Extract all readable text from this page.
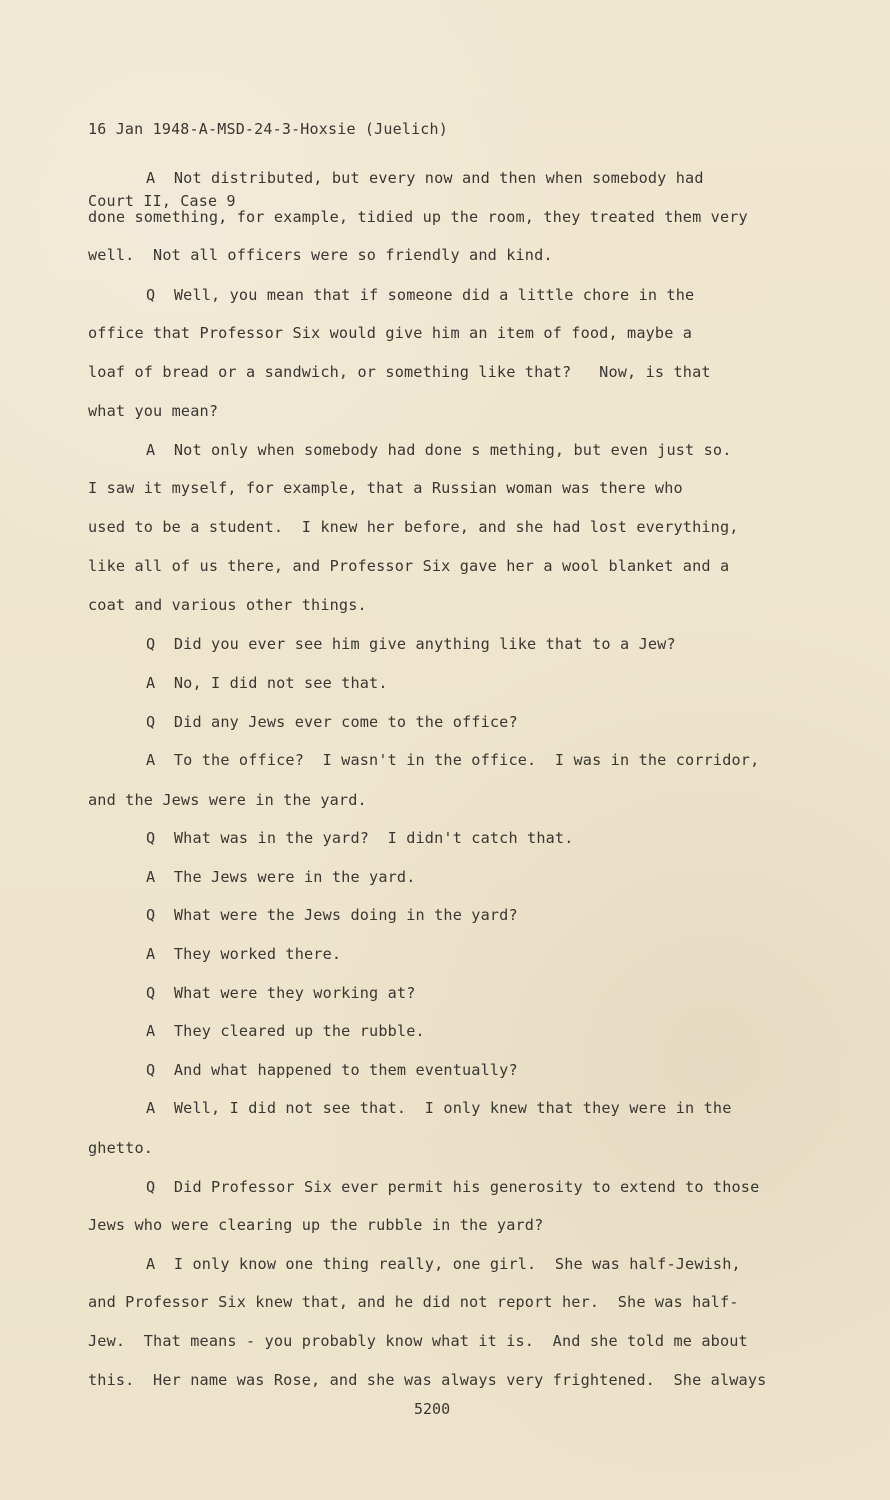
16 Jan 1948-A-MSD-24-3-Hoxsie (Juelich)

Court II, Case 9

A  Not distributed, but every now and then when somebody had
done something, for example, tidied up the room, they treated them very
well.  Not all officers were so friendly and kind.
Q  Well, you mean that if someone did a little chore in the
office that Professor Six would give him an item of food, maybe a
loaf of bread or a sandwich, or something like that?   Now, is that
what you mean?
A  Not only when somebody had done s mething, but even just so.
I saw it myself, for example, that a Russian woman was there who
used to be a student.  I knew her before, and she had lost everything,
like all of us there, and Professor Six gave her a wool blanket and a
coat and various other things.
Q  Did you ever see him give anything like that to a Jew?
A  No, I did not see that.
Q  Did any Jews ever come to the office?
A  To the office?  I wasn't in the office.  I was in the corridor,
and the Jews were in the yard.
Q  What was in the yard?  I didn't catch that.
A  The Jews were in the yard.
Q  What were the Jews doing in the yard?
A  They worked there.
Q  What were they working at?
A  They cleared up the rubble.
Q  And what happened to them eventually?
A  Well, I did not see that.  I only knew that they were in the
ghetto.
Q  Did Professor Six ever permit his generosity to extend to those
Jews who were clearing up the rubble in the yard?
A  I only know one thing really, one girl.  She was half-Jewish,
and Professor Six knew that, and he did not report her.  She was half-
Jew.  That means - you probably know what it is.  And she told me about
this.  Her name was Rose, and she was always very frightened.  She always
5200
